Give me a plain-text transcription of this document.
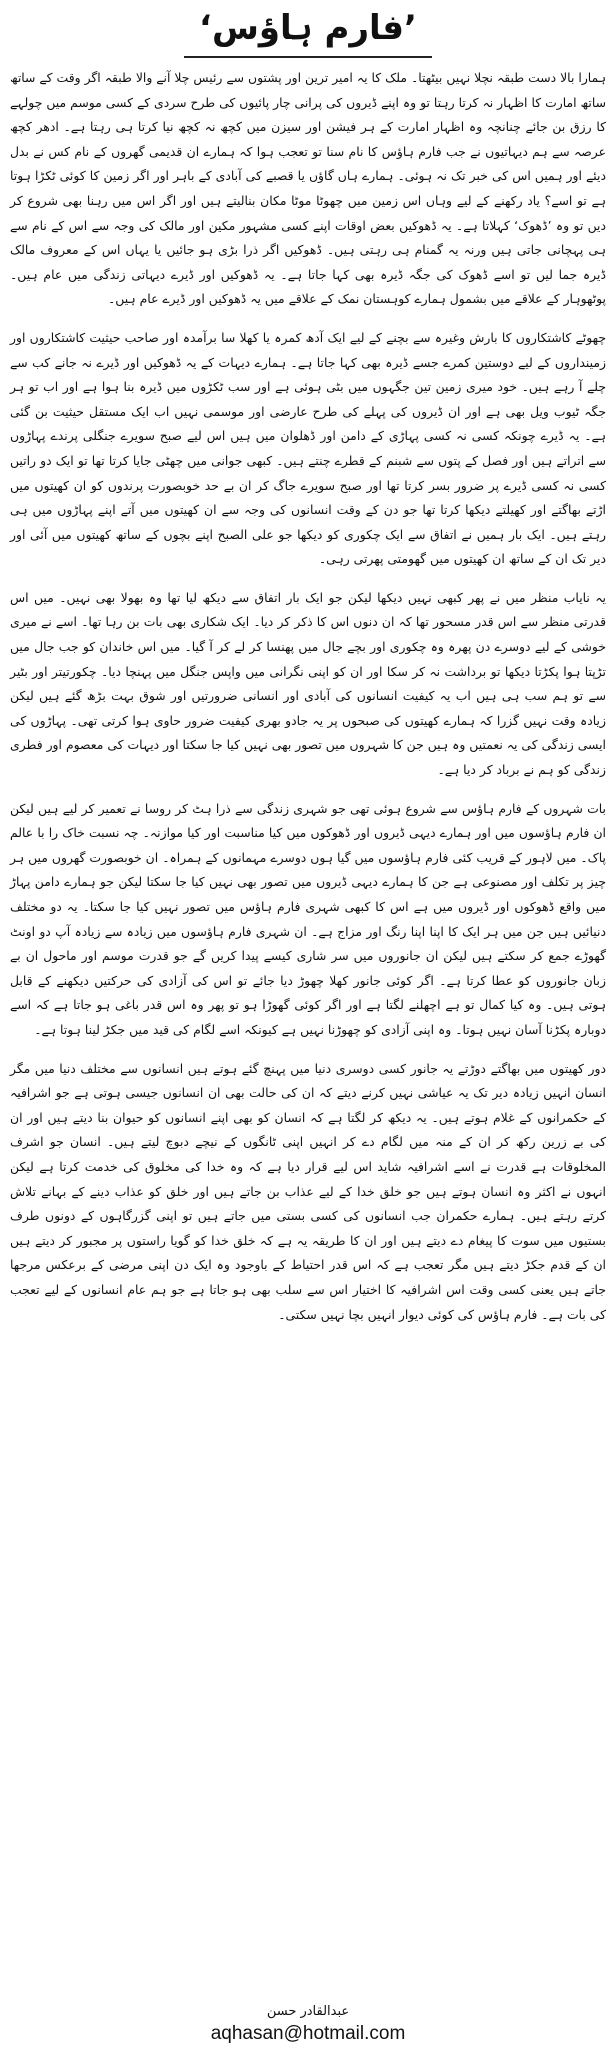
’فارم ہاؤس‘

ہمارا بالا دست طبقہ نچلا نہیں بیٹھتا۔ ملک کا یہ امیر ترین اور پشتوں سے رئیس چلا آنے والا طبقہ اگر وقت کے ساتھ ساتھ امارت کا اظہار نہ کرتا رہتا تو وہ اپنے ڈیروں کی پرانی چار پائیوں کی طرح سردی کے کسی موسم میں چولہے کا رزق بن جائے چنانچہ وہ اظہار امارت کے ہر فیشن اور سیزن میں کچھ نہ کچھ نیا کرتا ہی رہتا ہے۔ ادھر کچھ عرصہ سے ہم دیہاتیوں نے جب فارم ہاؤس کا نام سنا تو تعجب ہوا کہ ہمارے ان قدیمی گھروں کے نام کس نے بدل دیئے اور ہمیں اس کی خبر تک نہ ہوئی۔ ہمارے ہاں گاؤں یا قصبے کی آبادی کے باہر اور اگر زمین کا کوئی ٹکڑا ہوتا ہے تو اسے؟ یاد رکھنے کے لیے وہاں اس زمین میں چھوٹا موٹا مکان بنالیتے ہیں اور اگر اس میں رہنا بھی شروع کر دیں تو وہ ’ڈھوک‘ کہلاتا ہے۔ یہ ڈھوکیں بعض اوقات اپنے کسی مشہور مکین اور مالک کی وجہ سے اس کے نام سے ہی پہچانی جاتی ہیں ورنہ یہ گمنام ہی رہتی ہیں۔ ڈھوکیں اگر ذرا بڑی ہو جائیں یا یہاں اس کے معروف مالک ڈیرہ جما لیں تو اسے ڈھوک کی جگہ ڈیرہ بھی کہا جاتا ہے۔ یہ ڈھوکیں اور ڈیرے دیہاتی زندگی میں عام ہیں۔ پوٹھوہار کے علاقے میں بشمول ہمارے کوہستان نمک کے علاقے میں یہ ڈھوکیں اور ڈیرے عام ہیں۔

چھوٹے کاشتکاروں کا بارش وغیرہ سے بچنے کے لیے ایک آدھ کمرہ یا کھلا سا برآمدہ اور صاحب حیثیت کاشتکاروں اور زمینداروں کے لیے دوستین کمرے جسے ڈیرہ بھی کہا جاتا ہے۔ ہمارے دیہات کے یہ ڈھوکیں اور ڈیرے نہ جانے کب سے چلے آ رہے ہیں۔ خود میری زمین تین جگہوں میں بٹی ہوئی ہے اور سب ٹکڑوں میں ڈیرہ بنا ہوا ہے اور اب تو ہر جگہ ٹیوب ویل بھی ہے اور ان ڈیروں کی پہلے کی طرح عارضی اور موسمی نہیں اب ایک مستقل حیثیت بن گئی ہے۔ یہ ڈیرے چونکہ کسی نہ کسی پہاڑی کے دامن اور ڈھلوان میں ہیں اس لیے صبح سویرے جنگلی پرندے پہاڑوں سے اتراتے ہیں اور فصل کے پتوں سے شبنم کے قطرے چنتے ہیں۔ کبھی جوانی میں چھٹی جایا کرتا تھا تو ایک دو راتیں کسی نہ کسی ڈیرے پر ضرور بسر کرتا تھا اور صبح سویرے جاگ کر ان بے حد خوبصورت پرندوں کو ان کھیتوں میں اڑتے بھاگتے اور کھیلتے دیکھا کرتا تھا جو دن کے وقت انسانوں کی وجہ سے ان کھیتوں میں آتے اپنے پہاڑوں میں ہی رہتے ہیں۔ ایک بار ہمیں نے اتفاق سے ایک چکوری کو دیکھا جو علی الصبح اپنے بچوں کے ساتھ کھیتوں میں آئی اور دیر تک ان کے ساتھ ان کھیتوں میں گھومتی پھرتی رہی۔

یہ نایاب منظر میں نے پھر کبھی نہیں دیکھا لیکن جو ایک بار اتفاق سے دیکھ لیا تھا وہ بھولا بھی نہیں۔ میں اس قدرتی منظر سے اس قدر مسحور تھا کہ ان دنوں اس کا ذکر کر دیا۔ ایک شکاری بھی بات بن رہا تھا۔ اسے نے میری خوشی کے لیے دوسرے دن پھرہ وہ چکوری اور بچے جال میں پھنسا کر لے کر آ گیا۔ میں اس خاندان کو جب جال میں تڑپتا ہوا پکڑتا دیکھا تو برداشت نہ کر سکا اور ان کو اپنی نگرانی میں واپس جنگل میں پہنچا دیا۔ چکورتیتر اور بٹیر سے تو ہم سب ہی ہیں اب یہ کیفیت انسانوں کی آبادی اور انسانی ضرورتیں اور شوق بہت بڑھ گئے ہیں لیکن زیادہ وقت نہیں گزرا کہ ہمارے کھیتوں کی صبحوں پر یہ جادو بھری کیفیت ضرور حاوی ہوا کرتی تھی۔ پہاڑوں کی ایسی زندگی کی یہ نعمتیں وہ ہیں جن کا شہروں میں تصور بھی نہیں کیا جا سکتا اور دیہات کی معصوم اور فطری زندگی کو ہم نے برباد کر دیا ہے۔

بات شہروں کے فارم ہاؤس سے شروع ہوئی تھی جو شہری زندگی سے ذرا ہٹ کر روسا نے تعمیر کر لیے ہیں لیکن ان فارم ہاؤسوں میں اور ہمارے دیہی ڈیروں اور ڈھوکوں میں کیا مناسبت اور کیا موازنہ۔ چہ نسبت خاک را با عالم پاک۔ میں لاہور کے قریب کئی فارم ہاؤسوں میں گیا ہوں دوسرے مہمانوں کے ہمراہ۔ ان خوبصورت گھروں میں ہر چیز پر تکلف اور مصنوعی ہے جن کا ہمارے دیہی ڈیروں میں تصور بھی نہیں کیا جا سکتا لیکن جو ہمارے دامن پہاڑ میں واقع ڈھوکوں اور ڈیروں میں ہے اس کا کبھی شہری فارم ہاؤس میں تصور نہیں کیا جا سکتا۔ یہ دو مختلف دنیائیں ہیں جن میں ہر ایک کا اپنا اپنا رنگ اور مزاج ہے۔ ان شہری فارم ہاؤسوں میں زیادہ سے زیادہ آپ دو اونٹ گھوڑے جمع کر سکتے ہیں لیکن ان جانوروں میں سر شاری کیسے پیدا کریں گے جو قدرت موسم اور ماحول ان بے زبان جانوروں کو عطا کرتا ہے۔ اگر کوئی جانور کھلا چھوڑ دیا جائے تو اس کی آزادی کی حرکتیں دیکھنے کے قابل ہوتی ہیں۔ وہ کیا کمال تو ہے اچھلنے لگتا ہے اور اگر کوئی گھوڑا ہو تو پھر وہ اس قدر باغی ہو جاتا ہے کہ اسے دوبارہ پکڑنا آسان نہیں ہوتا۔ وہ اپنی آزادی کو چھوڑنا نہیں ہے کیونکہ اسے لگام کی قید میں جکڑ لینا ہوتا ہے۔

دور کھیتوں میں بھاگتے دوڑتے یہ جانور کسی دوسری دنیا میں پہنچ گئے ہوتے ہیں انسانوں سے مختلف دنیا میں مگر انسان انہیں زیادہ دیر تک یہ عیاشی نہیں کرنے دیتے کہ ان کی حالت بھی ان انسانوں جیسی ہوتی ہے جو اشرافیہ کے حکمرانوں کے غلام ہوتے ہیں۔ یہ دیکھ کر لگتا ہے کہ انسان کو بھی اپنے انسانوں کو حیوان بنا دیتے ہیں اور ان کی بے زرین رکھ کر ان کے منہ میں لگام دے کر انہیں اپنی ٹانگوں کے نیچے دبوچ لیتے ہیں۔ انسان جو اشرف المخلوقات ہے قدرت نے اسے اشرافیہ شاید اس لیے قرار دیا ہے کہ وہ خدا کی مخلوق کی خدمت کرتا ہے لیکن انہوں نے اکثر وہ انسان ہوتے ہیں جو خلق خدا کے لیے عذاب بن جاتے ہیں اور خلق کو عذاب دینے کے بہانے تلاش کرتے رہتے ہیں۔ ہمارے حکمران جب انسانوں کی کسی بستی میں جاتے ہیں تو اپنی گزرگاہوں کے دونوں طرف بستیوں میں سوت کا پیغام دے دیتے ہیں اور ان کا طریقہ یہ ہے کہ خلق خدا کو گویا راستوں پر مجبور کر دیتے ہیں ان کے قدم جکڑ دیتے ہیں مگر تعجب ہے کہ اس قدر احتیاط کے باوجود وہ ایک دن اپنی مرضی کے برعکس مرجھا جاتے ہیں یعنی کسی وقت اس اشرافیہ کا اختیار اس سے سلب بھی ہو جاتا ہے جو ہم عام انسانوں کے لیے تعجب کی بات ہے۔ فارم ہاؤس کی کوئی دیوار انہیں بچا نہیں سکتی۔

عبدالقادر حسن
aqhasan@hotmail.com
